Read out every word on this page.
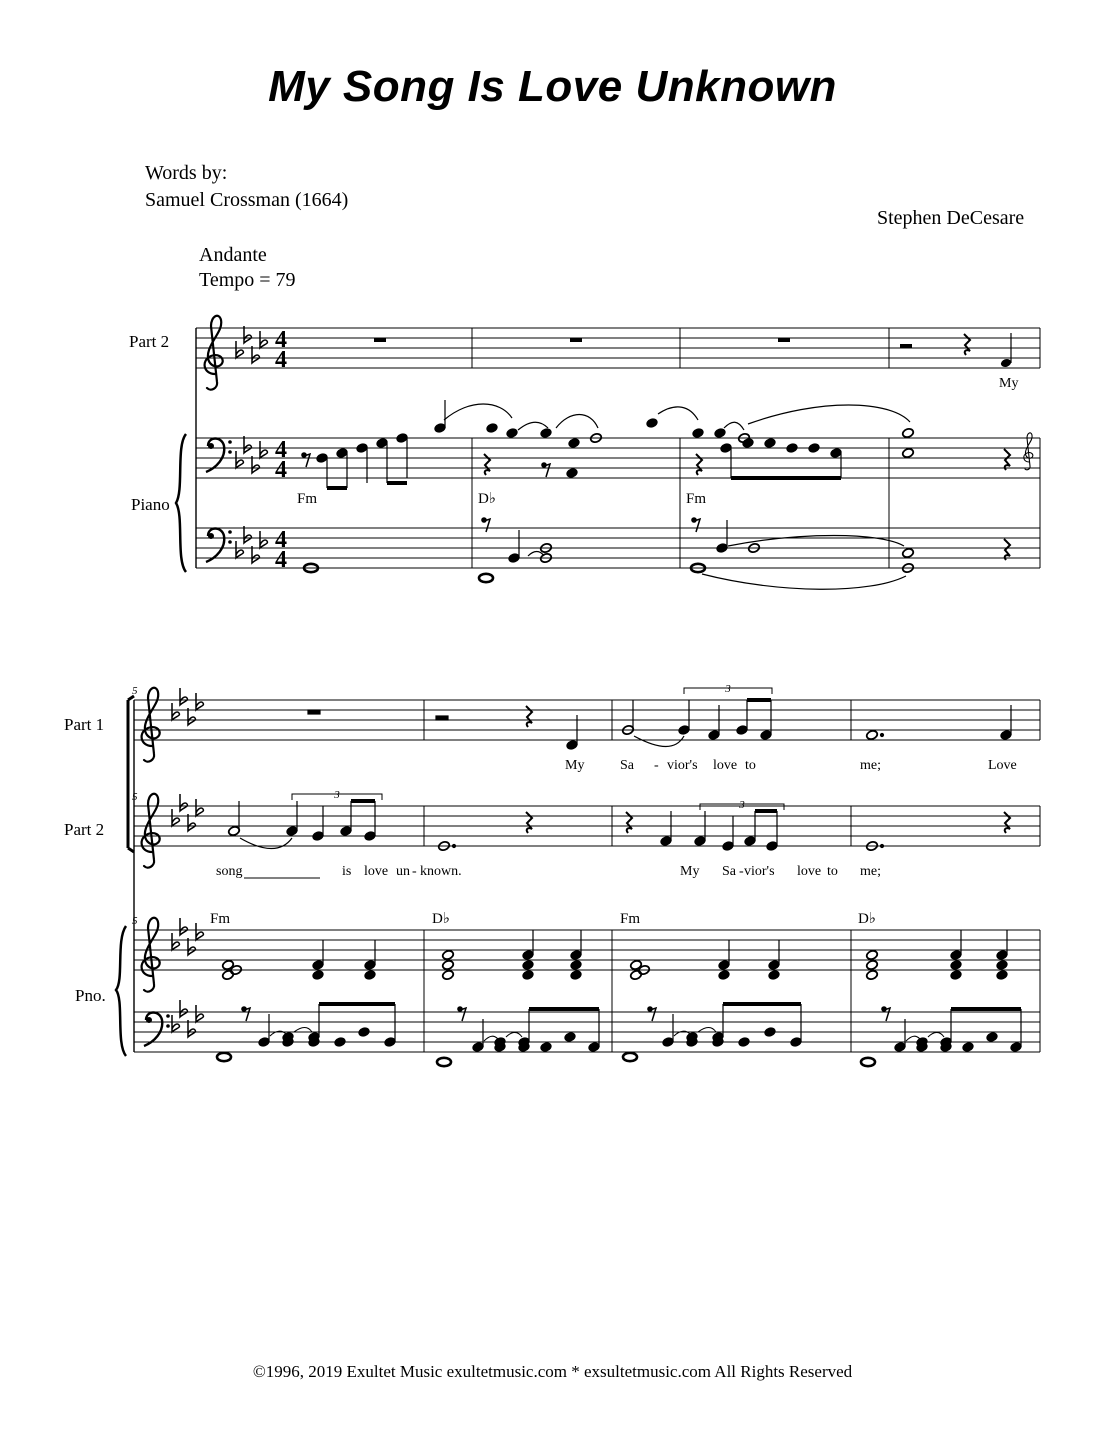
My Song Is Love Unknown
Words by:
Samuel Crossman (1664)
Stephen DeCesare
Andante
Tempo = 79
Part 2
Piano
Part 1
Part 2
Pno.
4
4
4
4
4
4
5
5
5
3
3
3
Fm	D♭	Fm
My
Fm	D♭	Fm	D♭
My	Sa - vior's love to	me;	Love
song	is love un - known.	My Sa - vior's love to me;
©1996, 2019 Exultet Music exultetmusic.com * exsultetmusic.com All Rights Reserved
